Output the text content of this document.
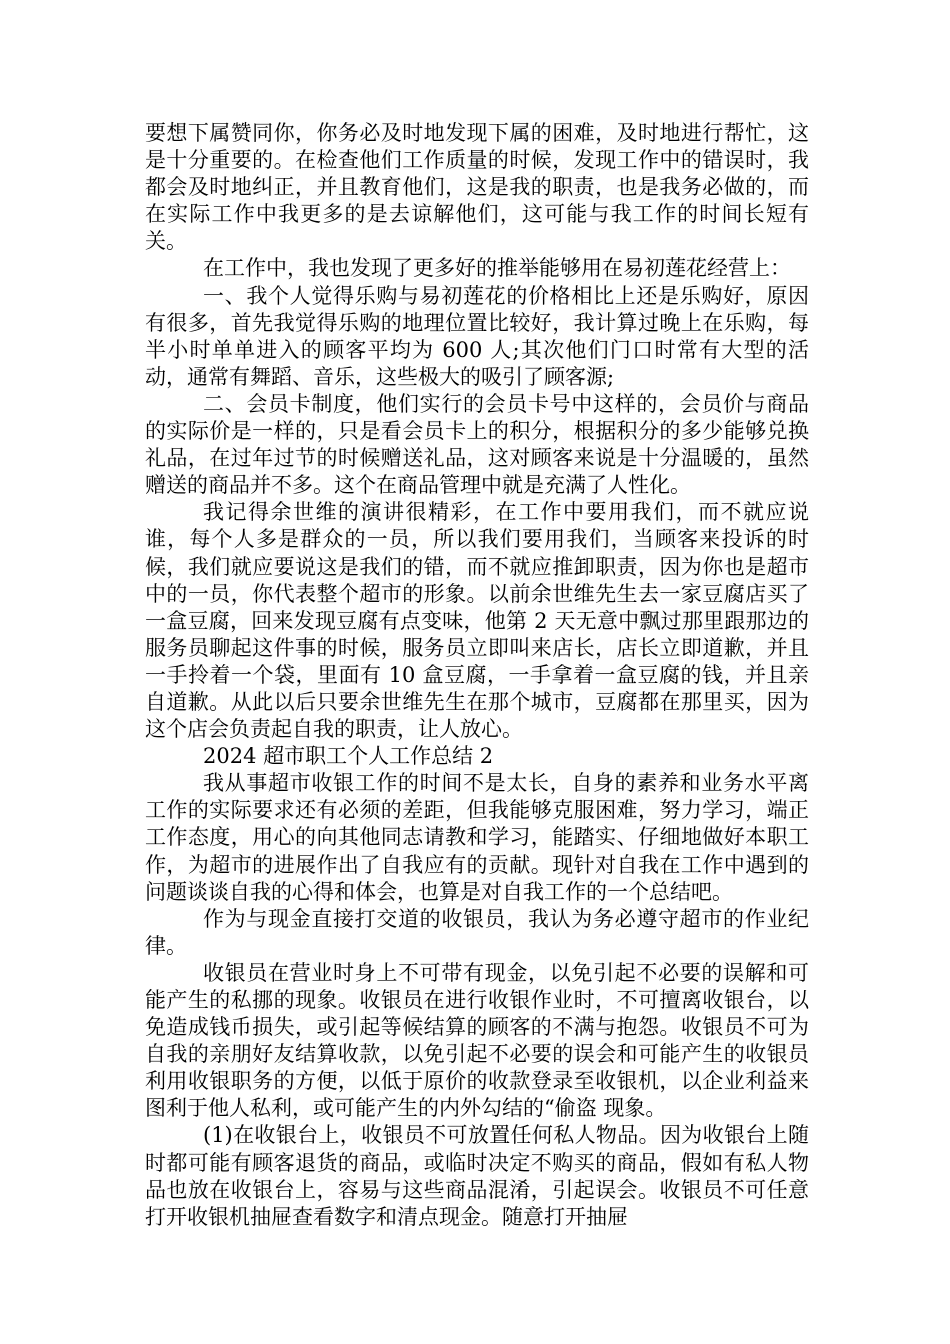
要想下属赞同你，你务必及时地发现下属的困难，及时地进行帮忙，这是十分重要的。在检查他们工作质量的时候，发现工作中的错误时，我都会及时地纠正，并且教育他们，这是我的职责，也是我务必做的，而在实际工作中我更多的是去谅解他们，这可能与我工作的时间长短有关。

在工作中，我也发现了更多好的推举能够用在易初莲花经营上：

一、我个人觉得乐购与易初莲花的价格相比上还是乐购好，原因有很多，首先我觉得乐购的地理位置比较好，我计算过晚上在乐购，每半小时单单进入的顾客平均为 600 人;其次他们门口时常有大型的活动，通常有舞蹈、音乐，这些极大的吸引了顾客源;

二、会员卡制度，他们实行的会员卡号中这样的，会员价与商品的实际价是一样的，只是看会员卡上的积分，根据积分的多少能够兑换礼品，在过年过节的时候赠送礼品，这对顾客来说是十分温暖的，虽然赠送的商品并不多。这个在商品管理中就是充满了人性化。

我记得余世维的演讲很精彩，在工作中要用我们，而不就应说谁，每个人多是群众的一员，所以我们要用我们，当顾客来投诉的时候，我们就应要说这是我们的错，而不就应推卸职责，因为你也是超市中的一员，你代表整个超市的形象。以前余世维先生去一家豆腐店买了一盒豆腐，回来发现豆腐有点变味，他第 2 天无意中飘过那里跟那边的服务员聊起这件事的时候，服务员立即叫来店长，店长立即道歉，并且一手拎着一个袋，里面有 10 盒豆腐，一手拿着一盒豆腐的钱，并且亲自道歉。从此以后只要余世维先生在那个城市，豆腐都在那里买，因为这个店会负责起自我的职责，让人放心。

2024 超市职工个人工作总结 2

我从事超市收银工作的时间不是太长，自身的素养和业务水平离工作的实际要求还有必须的差距，但我能够克服困难，努力学习，端正工作态度，用心的向其他同志请教和学习，能踏实、仔细地做好本职工作，为超市的进展作出了自我应有的贡献。现针对自我在工作中遇到的问题谈谈自我的心得和体会，也算是对自我工作的一个总结吧。

作为与现金直接打交道的收银员，我认为务必遵守超市的作业纪律。

收银员在营业时身上不可带有现金，以免引起不必要的误解和可能产生的私挪的现象。收银员在进行收银作业时，不可擅离收银台，以免造成钱币损失，或引起等候结算的顾客的不满与抱怨。收银员不可为自我的亲朋好友结算收款，以免引起不必要的误会和可能产生的收银员利用收银职务的方便，以低于原价的收款登录至收银机，以企业利益来图利于他人私利，或可能产生的内外勾结的“偷盗 现象。

(1)在收银台上，收银员不可放置任何私人物品。因为收银台上随时都可能有顾客退货的商品，或临时决定不购买的商品，假如有私人物品也放在收银台上，容易与这些商品混淆，引起误会。收银员不可任意打开收银机抽屉查看数字和清点现金。随意打开抽屉
